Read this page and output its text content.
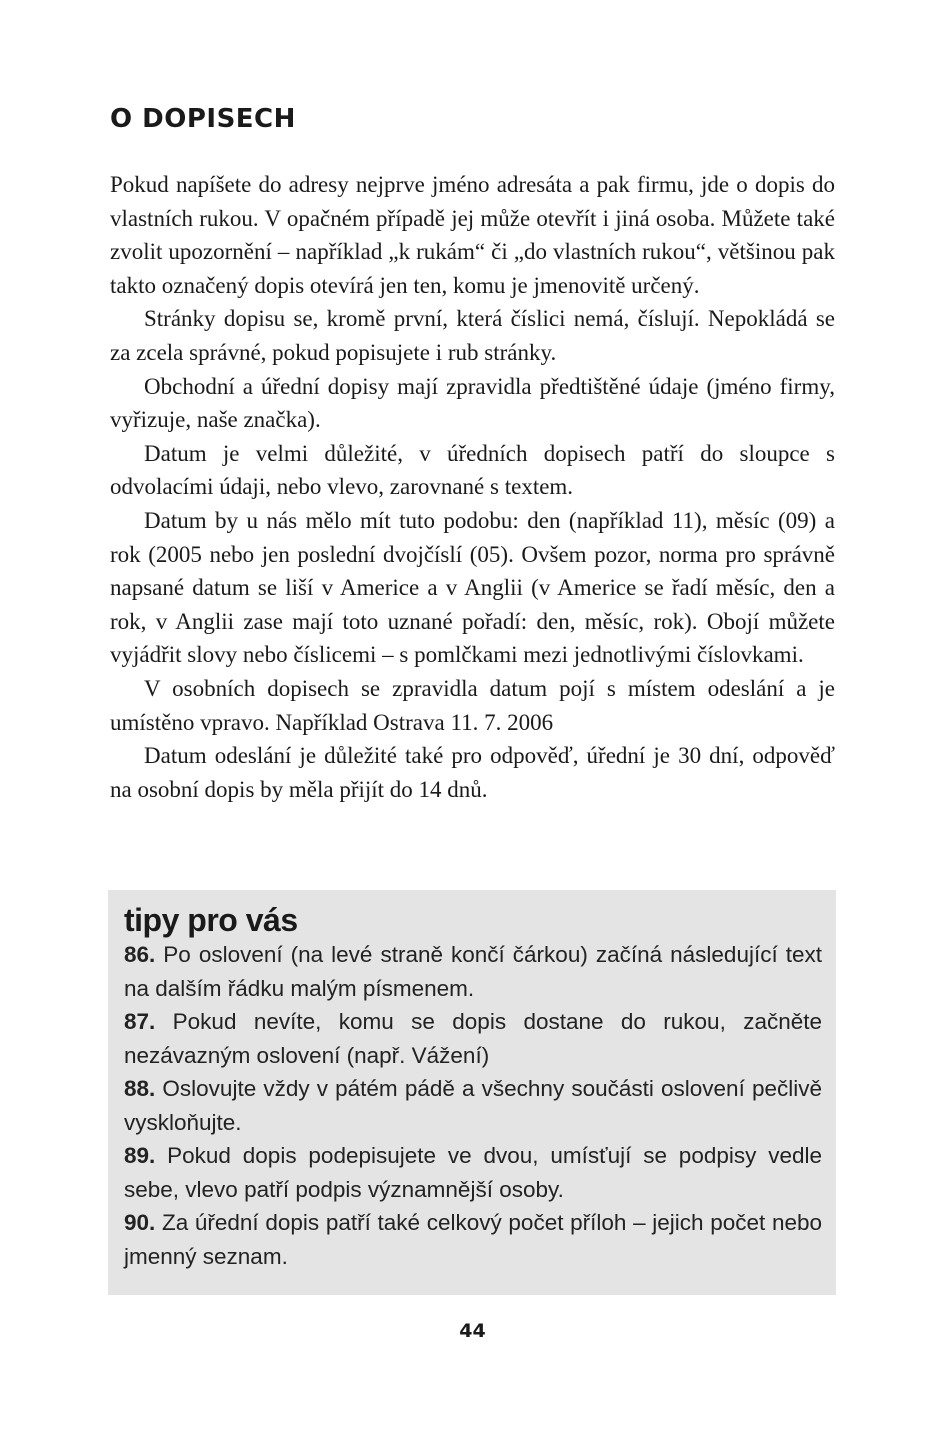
O DOPISECH

Pokud napíšete do adresy nejprve jméno adresáta a pak firmu, jde o dopis do vlastních rukou. V opačném případě jej může otevřít i jiná osoba. Můžete také zvolit upozornění – například „k rukám“ či „do vlastních rukou“, většinou pak takto označený dopis otevírá jen ten, komu je jmenovitě určený.

Stránky dopisu se, kromě první, která číslici nemá, číslují. Nepokládá se za zcela správné, pokud popisujete i rub stránky.

Obchodní a úřední dopisy mají zpravidla předtištěné údaje (jméno firmy, vyřizuje, naše značka).

Datum je velmi důležité, v úředních dopisech patří do sloupce s odvolacími údaji, nebo vlevo, zarovnané s textem.

Datum by u nás mělo mít tuto podobu: den (například 11), měsíc (09) a rok (2005 nebo jen poslední dvojčíslí (05). Ovšem pozor, norma pro správně napsané datum se liší v Americe a v Anglii (v Americe se řadí měsíc, den a rok, v Anglii zase mají toto uznané pořadí: den, měsíc, rok). Obojí můžete vyjádřit slovy nebo číslicemi – s pomlčkami mezi jednotlivými číslovkami.

V osobních dopisech se zpravidla datum pojí s místem odeslání a je umístěno vpravo. Například Ostrava 11. 7. 2006

Datum odeslání je důležité také pro odpověď, úřední je 30 dní, odpověď na osobní dopis by měla přijít do 14 dnů.

tipy pro vás

86. Po oslovení (na levé straně končí čárkou) začíná následující text na dalším řádku malým písmenem.

87. Pokud nevíte, komu se dopis dostane do rukou, začněte nezávazným oslovení (např. Vážení)

88. Oslovujte vždy v pátém pádě a všechny součásti oslovení pečlivě vyskloňujte.

89. Pokud dopis podepisujete ve dvou, umísťují se podpisy vedle sebe, vlevo patří podpis významnější osoby.

90. Za úřední dopis patří také celkový počet příloh – jejich počet nebo jmenný seznam.

44
